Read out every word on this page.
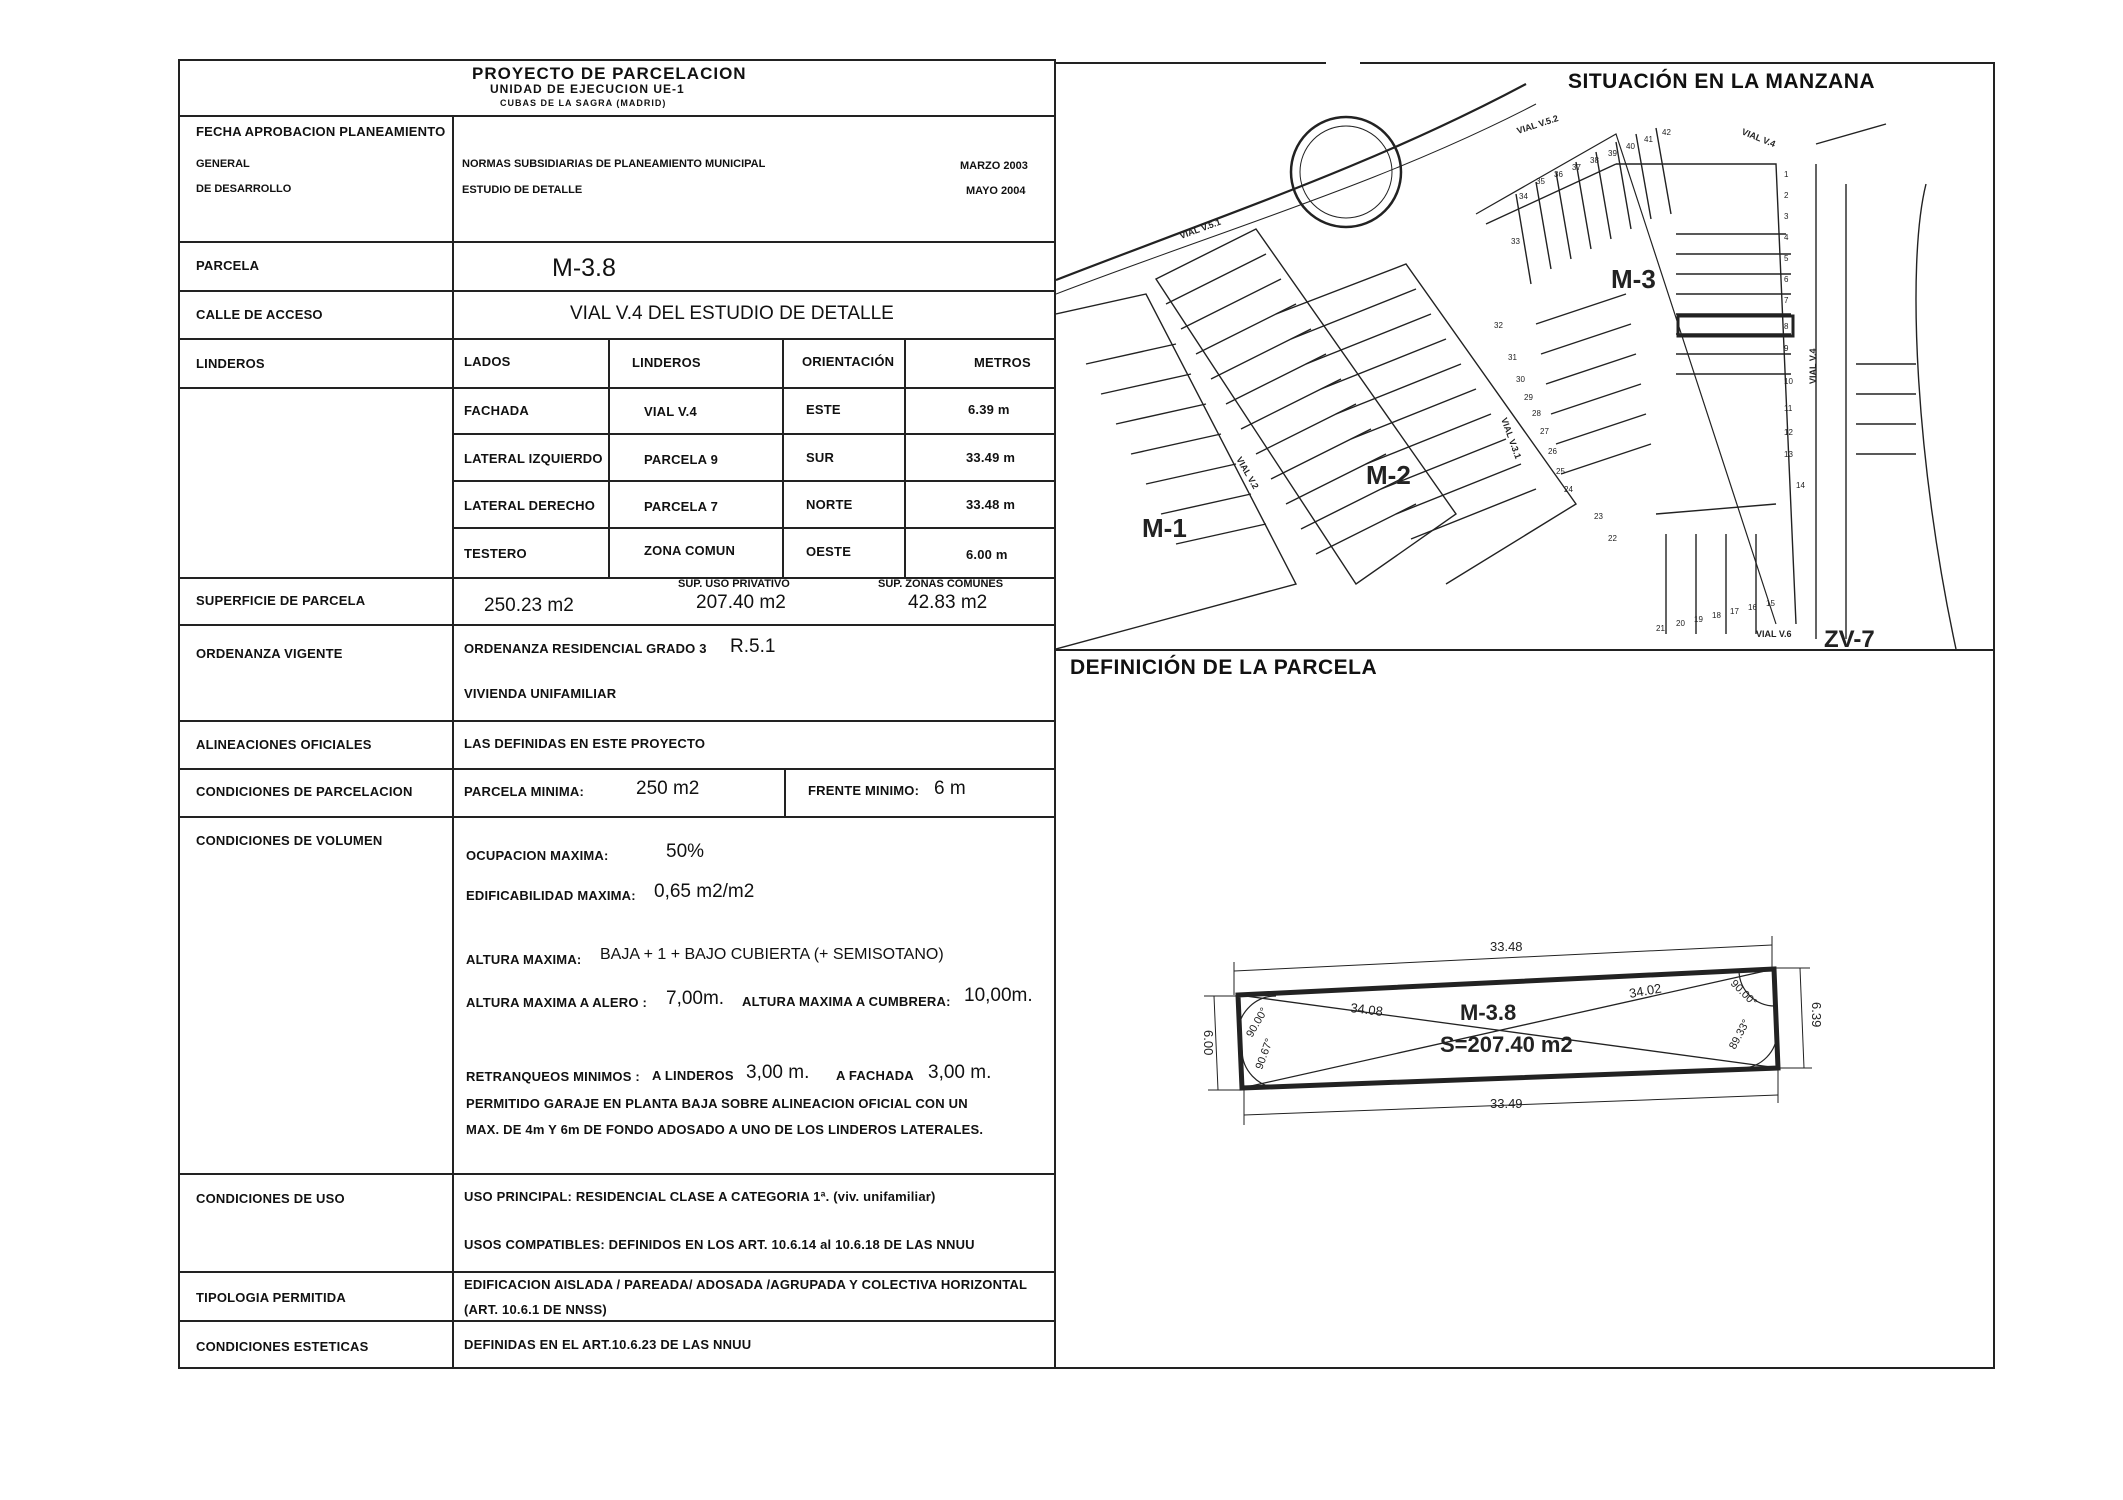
PROYECTO DE PARCELACION
UNIDAD DE EJECUCION UE-1
CUBAS DE LA SAGRA (MADRID)
FECHA APROBACION PLANEAMIENTO
GENERAL	NORMAS SUBSIDIARIAS DE PLANEAMIENTO MUNICIPAL	MARZO 2003
DE DESARROLLO	ESTUDIO DE DETALLE	MAYO 2004
PARCELA	M-3.8
CALLE DE ACCESO	VIAL V.4 DEL ESTUDIO DE DETALLE
LINDEROS	LADOS	LINDEROS	ORIENTACIÓN	METROS
FACHADA	VIAL V.4	ESTE	6.39 m
LATERAL IZQUIERDO	PARCELA 9	SUR	33.49 m
LATERAL DERECHO	PARCELA 7	NORTE	33.48 m
TESTERO	ZONA COMUN	OESTE	6.00 m
SUPERFICIE DE PARCELA	250.23 m2
SUP. USO PRIVATIVO
207.40 m2
SUP. ZONAS COMUNES
42.83 m2
ORDENANZA VIGENTE	ORDENANZA RESIDENCIAL GRADO 3 R.5.1
VIVIENDA UNIFAMILIAR
ALINEACIONES OFICIALES	LAS DEFINIDAS EN ESTE PROYECTO
CONDICIONES DE PARCELACION	PARCELA MINIMA:	250 m2	FRENTE MINIMO: 6 m
CONDICIONES DE VOLUMEN
OCUPACION MAXIMA:	50%
EDIFICABILIDAD MAXIMA: 0,65 m2/m2
ALTURA MAXIMA: BAJA + 1 + BAJO CUBIERTA (+ SEMISOTANO)
ALTURA MAXIMA A ALERO : 7,00m. ALTURA MAXIMA A CUMBRERA: 10,00m.
RETRANQUEOS MINIMOS : A LINDEROS 3,00 m. A FACHADA 3,00 m.
PERMITIDO GARAJE EN PLANTA BAJA SOBRE ALINEACION OFICIAL CON UN
MAX. DE 4m Y 6m DE FONDO ADOSADO A UNO DE LOS LINDEROS LATERALES.
CONDICIONES DE USO	USO PRINCIPAL: RESIDENCIAL CLASE A CATEGORIA 1ª. (viv. unifamiliar)
USOS COMPATIBLES: DEFINIDOS EN LOS ART. 10.6.14 al 10.6.18 DE LAS NNUU
TIPOLOGIA PERMITIDA
EDIFICACION AISLADA / PAREADA/ ADOSADA /AGRUPADA Y COLECTIVA HORIZONTAL
(ART. 10.6.1 DE NNSS)
CONDICIONES ESTETICAS	DEFINIDAS EN EL ART.10.6.23 DE LAS NNUU
VIAL V.5.2
VIAL V.4
VIAL V.5.1
VIAL V.2
VIAL V.3.1
VIAL V.4
VIAL V.6
M-1
M-2
M-3
ZV-7
1
2
3
4
5
6
7
8
9
10
11
12
13
14
35
36
37
38
39
40
41
42
34
33
32
31
30
29
28
27
26
25
24
23
22
21
20 19 18 17 16 15
SITUACIÓN EN LA MANZANA
DEFINICIÓN DE LA PARCELA
M-3.8
S=207.40 m2
33.48
33.49
6.00
6.39
34.08
34.02
90.00°
90.67°
90.00°
89.33°
